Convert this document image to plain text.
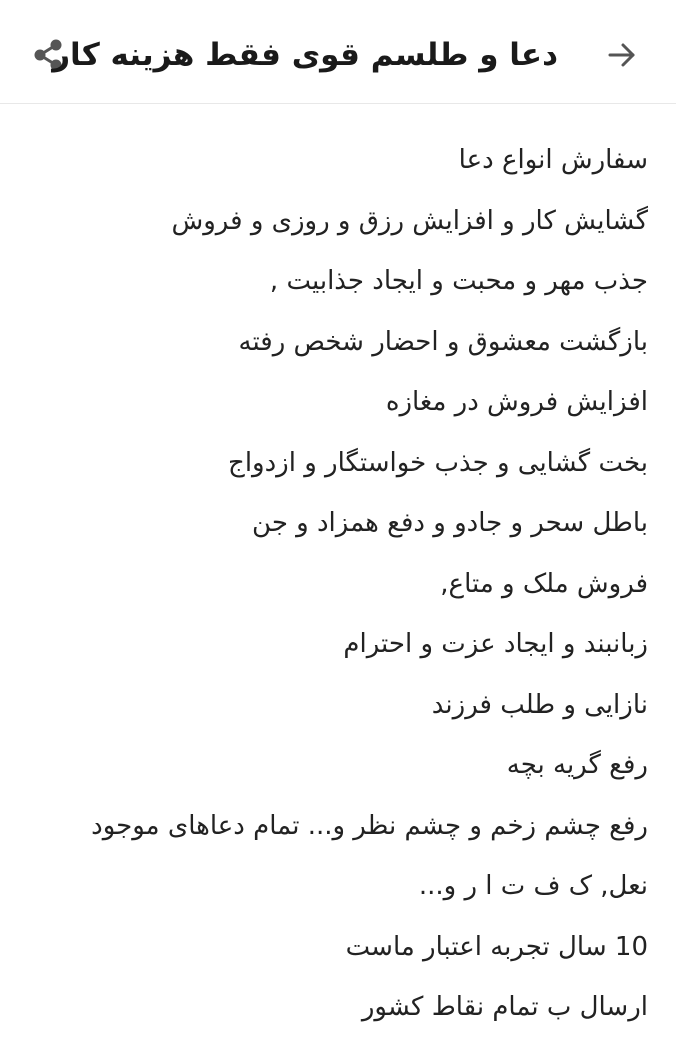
دعا و طلسم قوی فقط هزینه کار
سفارش انواع دعا
گشایش کار و افزایش رزق و روزی و فروش
جذب مهر و محبت و ایجاد جذابیت ,
بازگشت معشوق و احضار شخص رفته
افزایش فروش در مغازه
بخت گشایی و جذب خواستگار و ازدواج
باطل سحر و جادو و دفع همزاد و جن
فروش ملک و متاع,
زبانبند و ایجاد عزت و احترام
نازایی و طلب فرزند
رفع گریه بچه
رفع چشم زخم و چشم نظر و... تمام دعاهای موجود
نعل, ک ف ت ا ر و...
10 سال تجربه اعتبار ماست
ارسال ب تمام نقاط کشور
